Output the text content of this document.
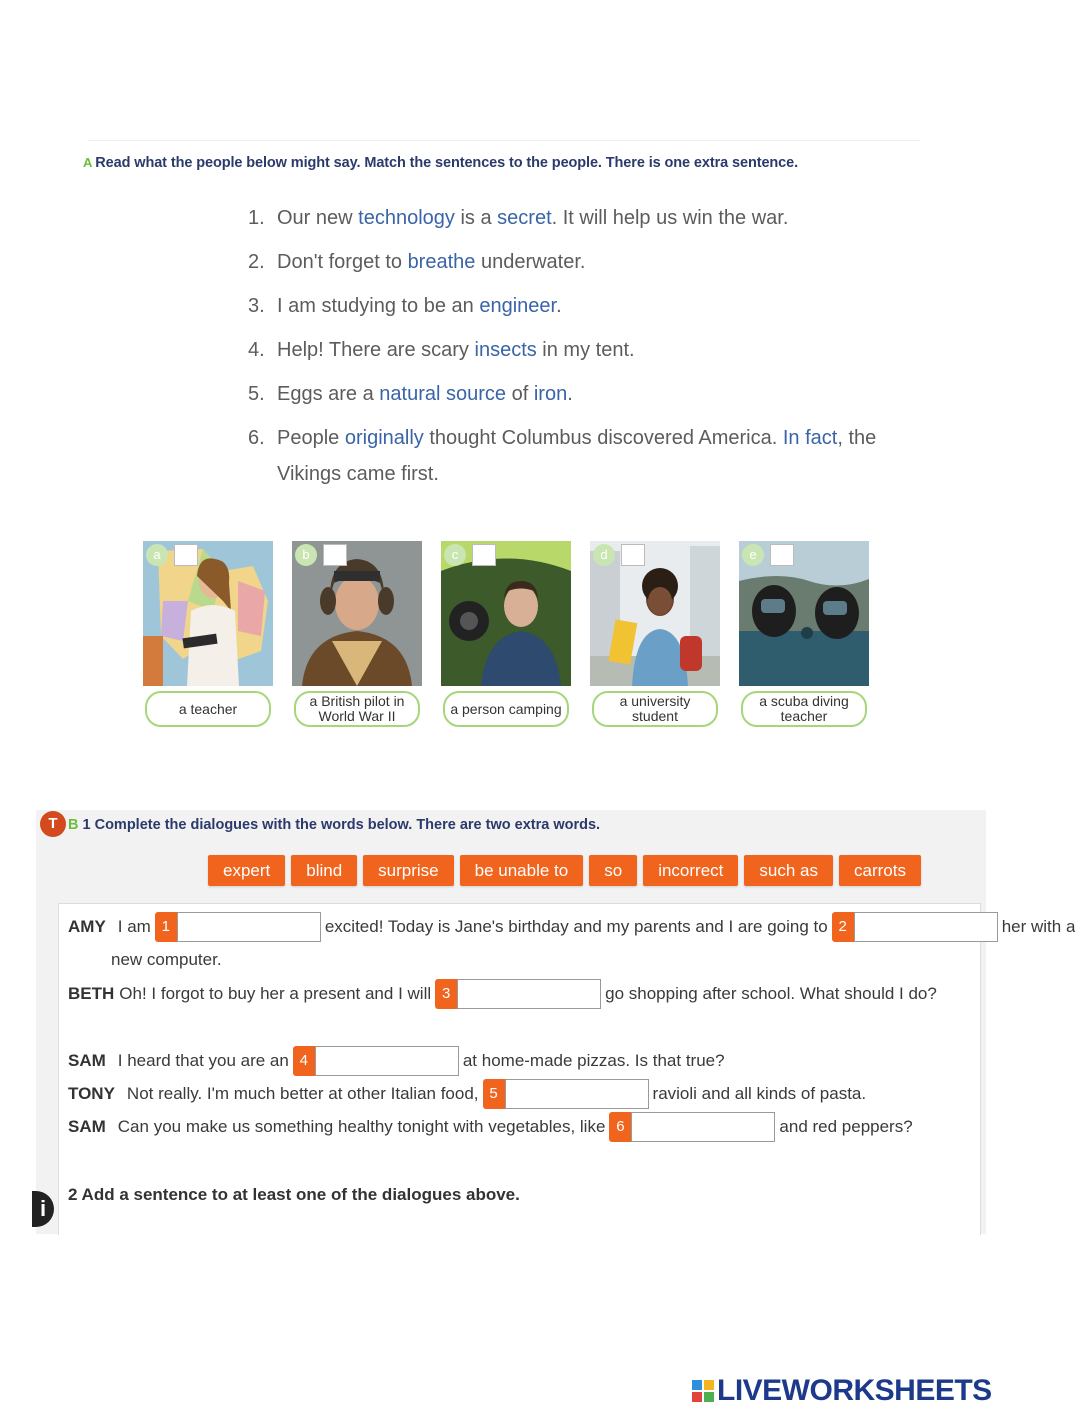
A Read what the people below might say. Match the sentences to the people. There is one extra sentence.
1. Our new technology is a secret. It will help us win the war.
2. Don't forget to breathe underwater.
3. I am studying to be an engineer.
4. Help! There are scary insects in my tent.
5. Eggs are a natural source of iron.
6. People originally thought Columbus discovered America. In fact, the Vikings came first.
a
a teacher
b
a British pilot in World War II
c
a person camping
d
a university student
e
a scuba diving teacher
T B 1 Complete the dialogues with the words below. There are two extra words.
expert	blind	surprise	be unable to	so	incorrect	such as	carrots
AMY I am 1	excited! Today is Jane's birthday and my parents and I are going to 2	her with a
new computer.
BETH Oh! I forgot to buy her a present and I will 3	go shopping after school. What should I do?
SAM I heard that you are an 4	at home-made pizzas. Is that true?
TONY Not really. I'm much better at other Italian food, 5	ravioli and all kinds of pasta.
SAM Can you make us something healthy tonight with vegetables, like 6	and red peppers?
2 Add a sentence to at least one of the dialogues above.
i
LIVEWORKSHEETS
